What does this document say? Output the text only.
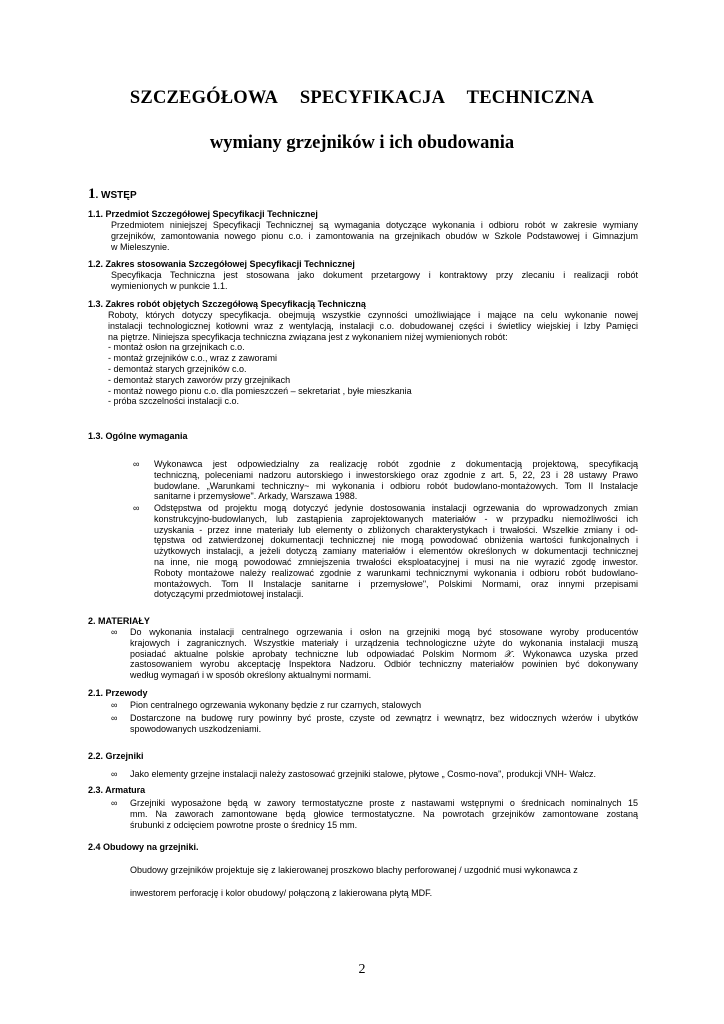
SZCZEGÓŁOWA SPECYFIKACJA TECHNICZNA
wymiany grzejników i ich obudowania
1. WSTĘP
1.1. Przedmiot Szczegółowej Specyfikacji Technicznej
Przedmiotem niniejszej Specyfikacji Technicznej są wymagania dotyczące wykonania i odbioru robót w zakresie wymiany
grzejników, zamontowania nowego pionu c.o. i zamontowania na grzejnikach obudów w Szkole Podstawowej i Gimnazjum
w Mieleszynie.
1.2. Zakres stosowania Szczegółowej Specyfikacji Technicznej
Specyfikacja Techniczna jest stosowana jako dokument przetargowy i kontraktowy przy zlecaniu i realizacji robót
wymienionych w punkcie 1.1.
1.3. Zakres robót objętych Szczegółową Specyfikacją Techniczną
Roboty, których dotyczy specyfikacja. obejmują wszystkie czynności umożliwiające i mające na celu wykonanie nowej
instalacji technologicznej kotłowni wraz z wentylacją, instalacji c.o. dobudowanej części i świetlicy wiejskiej i Izby Pamięci
na piętrze. Niniejsza specyfikacja techniczna związana jest z wykonaniem niżej wymienionych robót:
- montaż osłon na grzejnikach c.o.
- montaż grzejników c.o., wraz z zaworami
- demontaż starych grzejników c.o.
- demontaż starych zaworów przy grzejnikach
- montaż nowego pionu c.o. dla pomieszczeń – sekretariat , byłe mieszkania
- próba szczelności instalacji c.o.
1.3. Ogólne wymagania
∞ Wykonawca jest odpowiedzialny za realizację robót zgodnie z dokumentacją projektową, specyfikacją
techniczną, poleceniami nadzoru autorskiego i inwestorskiego oraz zgodnie z art. 5, 22, 23 i 28 ustawy Prawo
budowlane. „Warunkami techniczny~ mi wykonania i odbioru robót budowlano-montażowych. Tom II Instalacje
sanitarne i przemysłowe". Arkady, Warszawa 1988.
∞ Odstępstwa od projektu mogą dotyczyć jedynie dostosowania instalacji ogrzewania do wprowadzonych zmian
konstrukcyjno-budowlanych, lub zastąpienia zaprojektowanych materiałów - w przypadku niemożliwości ich
uzyskania - przez inne materiały lub elementy o zbliżonych charakterystykach i trwałości. Wszelkie zmiany i od-
tępstwa od zatwierdzonej dokumentacji technicznej nie mogą powodować obniżenia wartości funkcjonalnych i
użytkowych instalacji, a jeżeli dotyczą zamiany materiałów i elementów określonych w dokumentacji technicznej
na inne, nie mogą powodować zmniejszenia trwałości eksploatacyjnej i musi na nie wyrazić zgodę inwestor.
Roboty montażowe należy realizować zgodnie z warunkami technicznymi wykonania i odbioru robót budowlano-
montażowych. Tom II Instalacje sanitarne i przemysłowe", Polskimi Normami, oraz innymi przepisami
dotyczącymi przedmiotowej instalacji.
2. MATERIAŁY
∞ Do wykonania instalacji centralnego ogrzewania i osłon na grzejniki mogą być stosowane wyroby producentów
krajowych i zagranicznych. Wszystkie materiały i urządzenia technologiczne użyte do wykonania instalacji muszą
posiadać aktualne polskie aprobaty techniczne lub odpowiadać Polskim Normom 𝒳. Wykonawca uzyska przed
zastosowaniem wyrobu akceptację Inspektora Nadzoru. Odbiór techniczny materiałów powinien być dokonywany
według wymagań i w sposób określony aktualnymi normami.
2.1. Przewody
∞ Pion centralnego ogrzewania wykonany będzie z rur czarnych, stalowych
∞ Dostarczone na budowę rury powinny być proste, czyste od zewnątrz i wewnątrz, bez widocznych wżerów i ubytków
spowodowanych uszkodzeniami.
2.2. Grzejniki
∞ Jako elementy grzejne instalacji należy zastosować grzejniki stalowe, płytowe „ Cosmo-nova", produkcji VNH- Wałcz.
2.3. Armatura
∞ Grzejniki wyposażone będą w zawory termostatyczne proste z nastawami wstępnymi o średnicach nominalnych 15
mm. Na zaworach zamontowane będą głowice termostatyczne. Na powrotach grzejników zamontowane zostaną
śrubunki z odcięciem powrotne proste o średnicy 15 mm.
2.4 Obudowy na grzejniki.
Obudowy grzejników projektuje się z lakierowanej proszkowo blachy perforowanej / uzgodnić musi wykonawca z
inwestorem perforację i kolor obudowy/ połączoną z lakierowana płytą MDF.
2
